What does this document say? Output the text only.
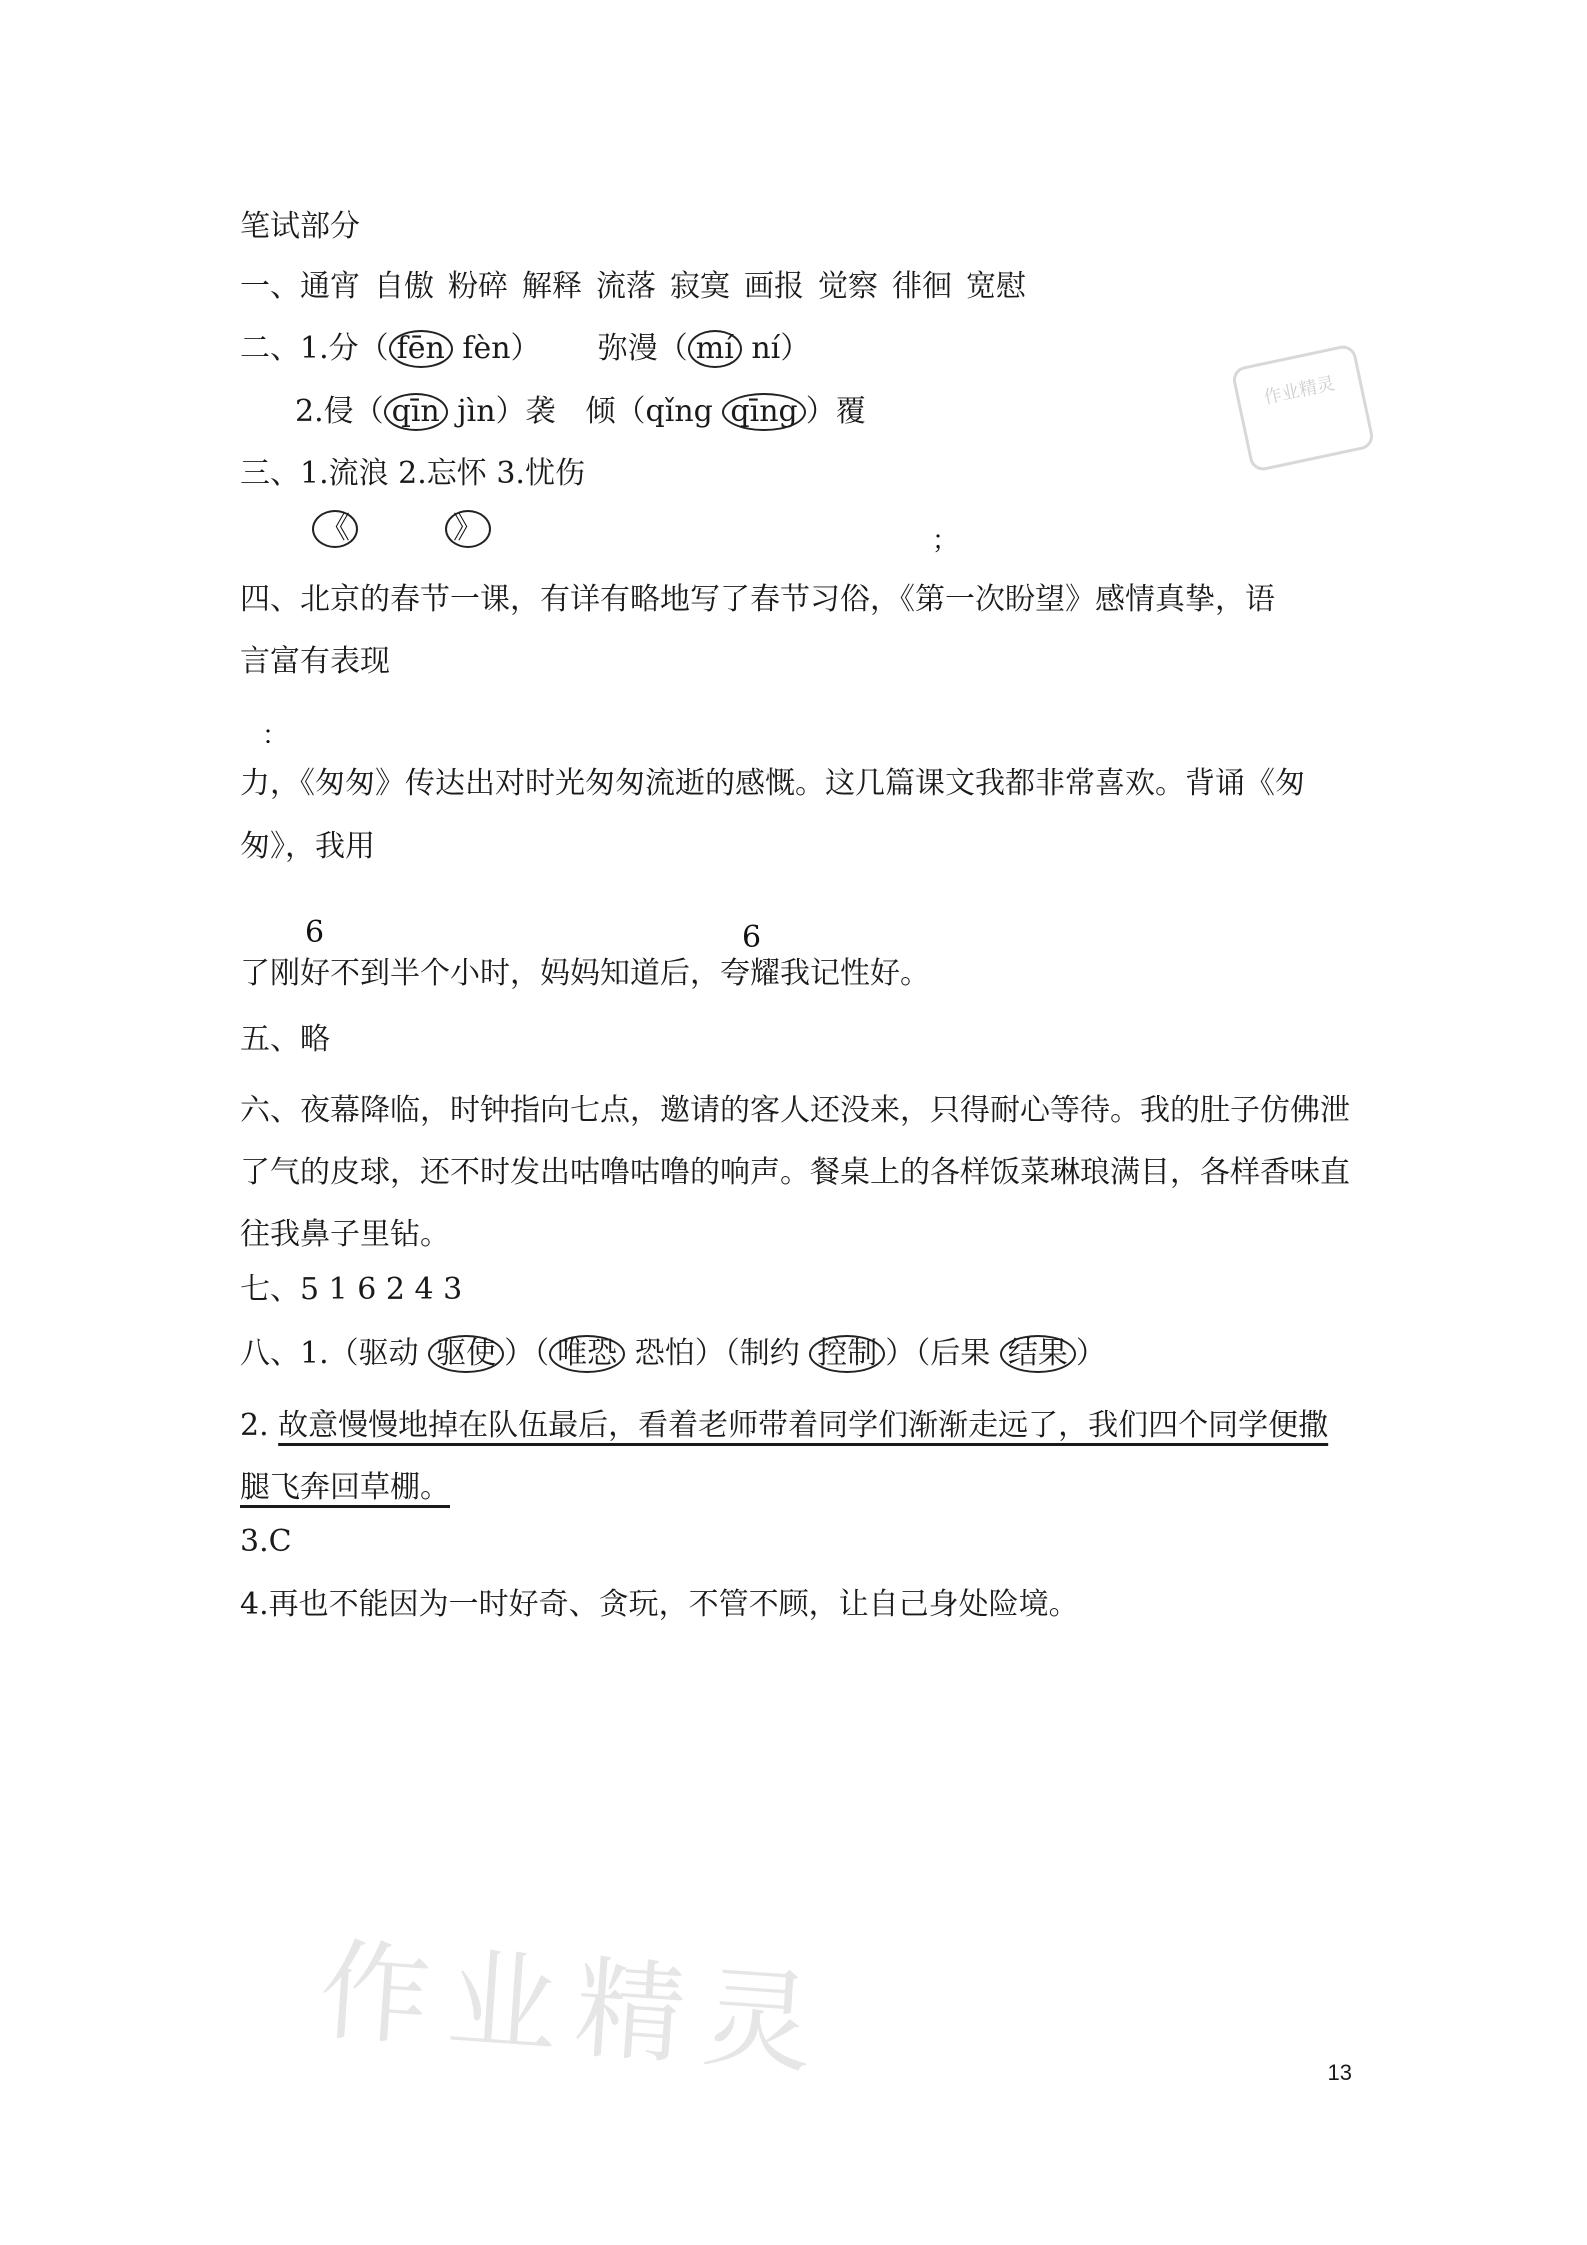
作业精灵
作业精灵
笔试部分
一、通宵 自傲 粉碎 解释 流落 寂寞 画报 觉察 徘徊 宽慰
二、1.分（ fēn fèn） 弥漫（ mí ní）
2.侵（ qīn jìn）袭　倾（qǐng qīng ）覆
三、1.流浪 2.忘怀 3.忧伤
《	》	；
四、北京的春节一课，有详有略地写了春节习俗，《第一次盼望》感情真挚，语
言富有表现
：
力，《匆匆》传达出对时光匆匆流逝的感慨。这几篇课文我都非常喜欢。背诵《匆
匆》，我用
6	6
了刚好不到半个小时，妈妈知道后，夸耀我记性好。
五、略
六、夜幕降临，时钟指向七点，邀请的客人还没来，只得耐心等待。我的肚子仿佛泄了气的皮球，还不时发出咕噜咕噜的响声。餐桌上的各样饭菜琳琅满目，各样香味直往我鼻子里钻。
七、5 1 6 2 4 3
八、1.（驱动 驱使 ）（ 唯恐 恐怕）（制约 控制 ）（后果 结果 ）
2. 故意慢慢地掉在队伍最后，看着老师带着同学们渐渐走远了，我们四个同学便撒腿飞奔回草棚。
3.C
4.再也不能因为一时好奇、贪玩，不管不顾，让自己身处险境。
13
